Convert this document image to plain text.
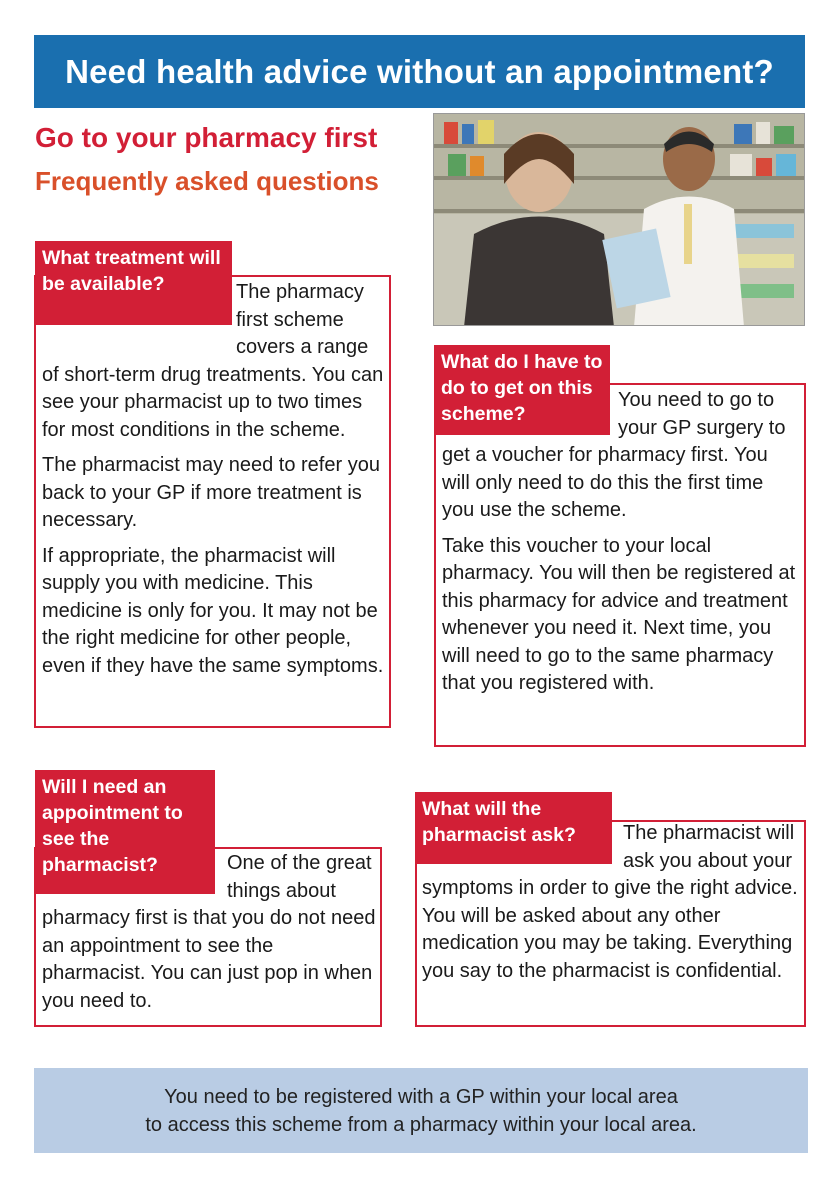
Need health advice without an appointment?
Go to your pharmacy first
Frequently asked questions
What treatment will be available?	The pharmacy first scheme covers a range of short-term drug treatments. You can see your pharmacist up to two times for most conditions in the scheme.

The pharmacist may need to refer you back to your GP if more treatment is necessary.

If appropriate, the pharmacist will supply you with medicine. This medicine is only for you. It may not be the right medicine for other people, even if they have the same symptoms.

What do I have to do to get on this scheme?

You need to go to your GP surgery to get a voucher for pharmacy first. You will only need to do this the first time you use the scheme.

Take this voucher to your local pharmacy. You will then be registered at this pharmacy for advice and treatment whenever you need it. Next time, you will need to go to the same pharmacy that you registered with.

Will I need an appointment to see the pharmacist?	One of the great things about pharmacy first is that you do not need an appointment to see the pharmacist. You can just pop in when you need to.

What will the pharmacist ask?	The pharmacist will ask you about your symptoms in order to give the right advice. You will be asked about any other medication you may be taking. Everything you say to the pharmacist is confidential.

You need to be registered with a GP within your local area
to access this scheme from a pharmacy within your local area.
